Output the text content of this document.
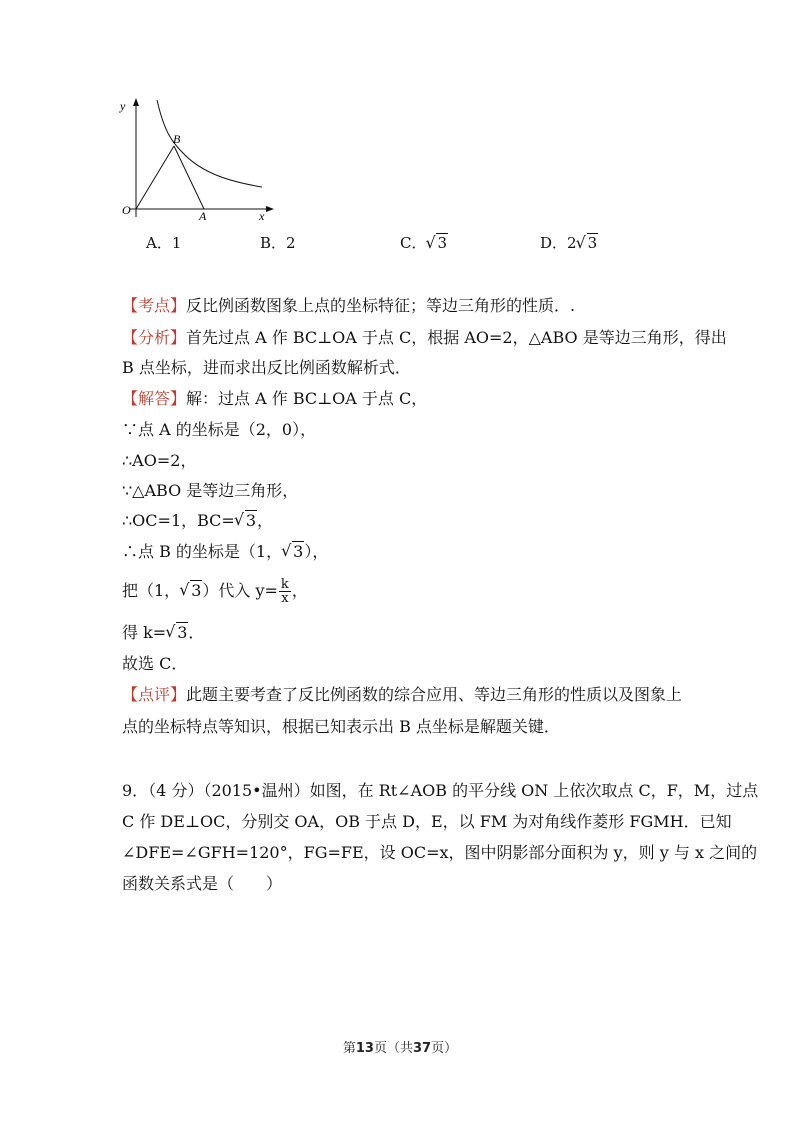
y
O
B
A	x
A．1	B．2	C． √ 3	D．2 √ 3
【考点】反比例函数图象上点的坐标特征；等边三角形的性质．.
【分析】首先过点 A 作 BC⊥OA 于点 C，根据 AO=2，△ABO 是等边三角形，得出
B 点坐标，进而求出反比例函数解析式．
【解答】解：过点 A 作 BC⊥OA 于点 C，
∵点 A 的坐标是（2，0），
∴AO=2，
∵△ABO 是等边三角形，
∴OC=1，BC= √ 3，
∴点 B 的坐标是（1， √ 3），
把（1， √ 3）代入 $y= \frac{k}{x}$ ，
得 k= √ 3．
故选 C．
【点评】此题主要考查了反比例函数的综合应用、等边三角形的性质以及图象上
点的坐标特点等知识，根据已知表示出 B 点坐标是解题关键．
9．（4 分）（2015•温州）如图，在 Rt∠AOB 的平分线 ON 上依次取点 C，F，M，过点
C 作 DE⊥OC，分别交 OA，OB 于点 D，E，以 FM 为对角线作菱形 FGMH．已知
∠DFE=∠GFH=120°，FG=FE，设 OC=x，图中阴影部分面积为 y，则 y 与 x 之间的
函数关系式是（　　）
第13页（共37页）
